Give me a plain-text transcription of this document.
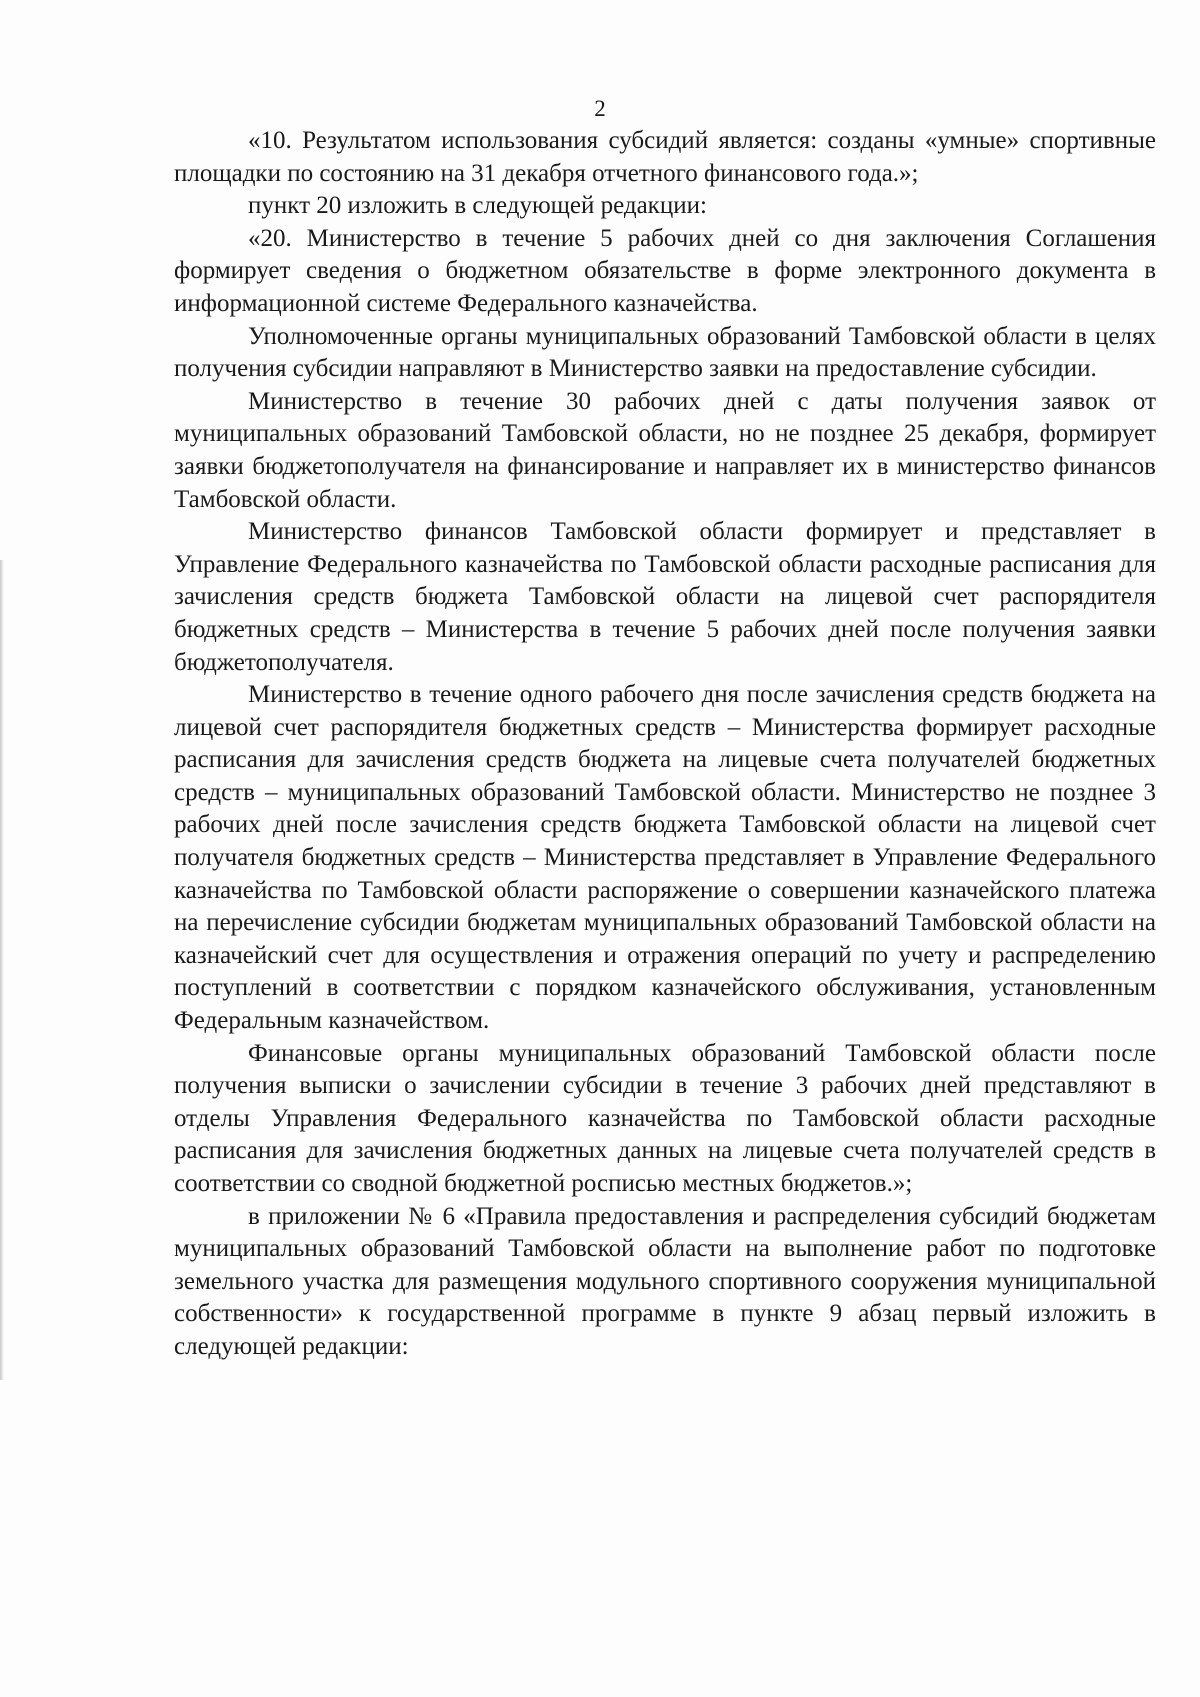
2

«10. Результатом использования субсидий является: созданы «умные» спортивные площадки по состоянию на 31 декабря отчетного финансового года.»;

пункт 20 изложить в следующей редакции:

«20. Министерство в течение 5 рабочих дней со дня заключения Соглашения формирует сведения о бюджетном обязательстве в форме электронного документа в информационной системе Федерального казначейства.

Уполномоченные органы муниципальных образований Тамбовской области в целях получения субсидии направляют в Министерство заявки на предоставление субсидии.

Министерство в течение 30 рабочих дней с даты получения заявок от муниципальных образований Тамбовской области, но не позднее 25 декабря, формирует заявки бюджетополучателя на финансирование и направляет их в министерство финансов Тамбовской области.

Министерство финансов Тамбовской области формирует и представляет в Управление Федерального казначейства по Тамбовской области расходные расписания для зачисления средств бюджета Тамбовской области на лицевой счет распорядителя бюджетных средств – Министерства в течение 5 рабочих дней после получения заявки бюджетополучателя.

Министерство в течение одного рабочего дня после зачисления средств бюджета на лицевой счет распорядителя бюджетных средств – Министерства формирует расходные расписания для зачисления средств бюджета на лицевые счета получателей бюджетных средств – муниципальных образований Тамбовской области. Министерство не позднее 3 рабочих дней после зачисления средств бюджета Тамбовской области на лицевой счет получателя бюджетных средств – Министерства представляет в Управление Федерального казначейства по Тамбовской области распоряжение о совершении казначейского платежа на перечисление субсидии бюджетам муниципальных образований Тамбовской области на казначейский счет для осуществления и отражения операций по учету и распределению поступлений в соответствии с порядком казначейского обслуживания, установленным Федеральным казначейством.

Финансовые органы муниципальных образований Тамбовской области после получения выписки о зачислении субсидии в течение 3 рабочих дней представляют в отделы Управления Федерального казначейства по Тамбовской области расходные расписания для зачисления бюджетных данных на лицевые счета получателей средств в соответствии со сводной бюджетной росписью местных бюджетов.»;

в приложении № 6 «Правила предоставления и распределения субсидий бюджетам муниципальных образований Тамбовской области на выполнение работ по подготовке земельного участка для размещения модульного спортивного сооружения муниципальной собственности» к государственной программе в пункте 9 абзац первый изложить в следующей редакции:
